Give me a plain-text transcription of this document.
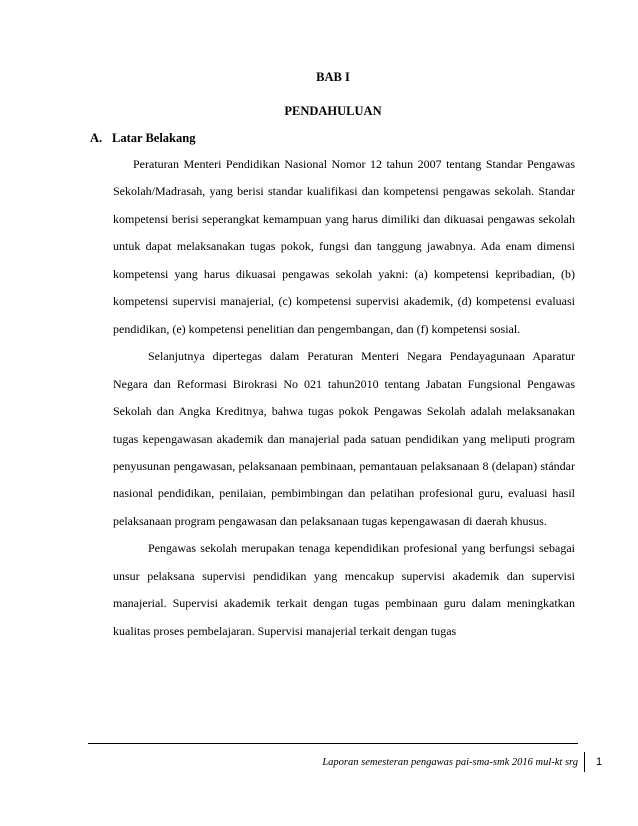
BAB I
PENDAHULUAN
A. Latar Belakang

Peraturan Menteri Pendidikan Nasional Nomor 12 tahun 2007 tentang Standar Pengawas Sekolah/Madrasah, yang berisi standar kualifikasi dan kompetensi pengawas sekolah. Standar kompetensi berisi seperangkat kemampuan yang harus dimiliki dan dikuasai pengawas sekolah untuk dapat melaksanakan tugas pokok, fungsi dan tanggung jawabnya. Ada enam dimensi kompetensi yang harus dikuasai pengawas sekolah yakni: (a) kompetensi kepribadian, (b) kompetensi supervisi manajerial, (c) kompetensi supervisi akademik, (d) kompetensi evaluasi pendidikan, (e) kompetensi penelitian dan pengembangan, dan (f) kompetensi sosial.

Selanjutnya dipertegas dalam Peraturan Menteri Negara Pendayagunaan Aparatur Negara dan Reformasi Birokrasi No 021 tahun2010 tentang Jabatan Fungsional Pengawas Sekolah dan Angka Kreditnya, bahwa tugas pokok Pengawas Sekolah adalah melaksanakan tugas kepengawasan akademik dan manajerial pada satuan pendidikan yang meliputi program penyusunan pengawasan, pelaksanaan pembinaan, pemantauan pelaksanaan 8 (delapan) stándar nasional pendidikan, penilaian, pembimbingan dan pelatihan profesional guru, evaluasi hasil pelaksanaan program pengawasan dan pelaksanaan tugas kepengawasan di daerah khusus.

Pengawas sekolah merupakan tenaga kependidikan profesional yang berfungsi sebagai unsur pelaksana supervisi pendidikan yang mencakup supervisi akademik dan supervisi manajerial. Supervisi akademik terkait dengan tugas pembinaan guru dalam meningkatkan kualitas proses pembelajaran. Supervisi manajerial terkait dengan tugas

Laporan semesteran pengawas pai-sma-smk 2016 mul-kt srg	1
